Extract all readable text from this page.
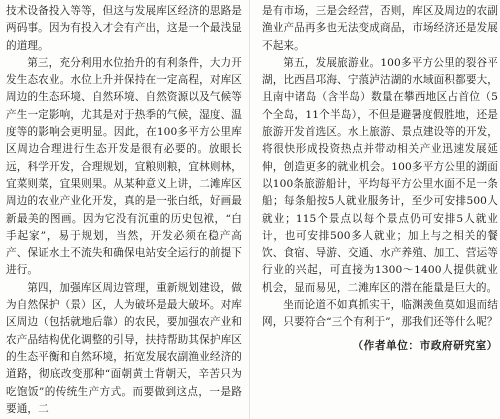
技术设备投入等等，但这与发展库区经济的思路是两码事。因为有投入才会有产出，这是一个最浅显的道理。

第三，充分利用水位抬升的有利条件，大力开发生态农业。水位上升并保持在一定高程，对库区周边的生态环境、自然环境、自然资源以及气候等产生一定影响，尤其是对于热季的气候，湿度、温度等的影响会更明显。因此，在100多平方公里库区周边合理进行生态开发是很有必要的。放眼长远，科学开发，合理规划，宜粮则粮，宜林则林，宜菜则菜，宜果则果。从某种意义上讲，二滩库区周边的农业产业化开发，真的是一张白纸，好画最新最美的图画。因为它没有沉重的历史包袱，“白手起家”，易于规划，当然，开发必须在稳产高产、保证水土不流失和确保电站安全运行的前提下进行。

第四，加强库区周边管理，重新规划建设，做为自然保护（景）区，人为破坏是最大破坏。对库区周边（包括就地后靠）的农民，要加强农产业和农产品结构优化调整的引导，扶持帮助其保护库区的生态平衡和自然环境，拓宽发展农副渔业经济的道路，彻底改变那种“面朝黄土背朝天，辛苦只为吃饱饭”的传统生产方式。而要做到这点，一是路要通，二

是有市场，三是会经营，否则，库区及周边的农副渔业产品再多也无法变成商品，市场经济还是发展不起来。

第五，发展旅游业。100多平方公里的裂谷平湖，比西昌邛海、宁蒗泸沽湖的水域面积都要大，且南中诸岛（含半岛）数量在攀西地区占首位（5个全岛，11个半岛），不但是避暑度假胜地，还是旅游开发首选区。水上旅游、景点建设等的开发，将很快形成投资热点并带动相关产业迅速发展延伸，创造更多的就业机会。100多平方公里的湖面以100条旅游船计，平均每平方公里水面不足一条船；每条船按5人就业服务计，至少可安排500人就业；115个景点以每个景点仍可安排5人就业计，也可安排500多人就业；加上与之相关的餐饮、食宿、导游、交通、水产养殖、加工、营运等行业的兴起，可直接为1300～1400人提供就业机会，显而易见，二滩库区的潜在能量是巨大的。

坐而论道不如真抓实干，临渊羡鱼莫如退而结网，只要符合“三个有利于”，那我们还等什么呢？

（作者单位：市政府研究室）
